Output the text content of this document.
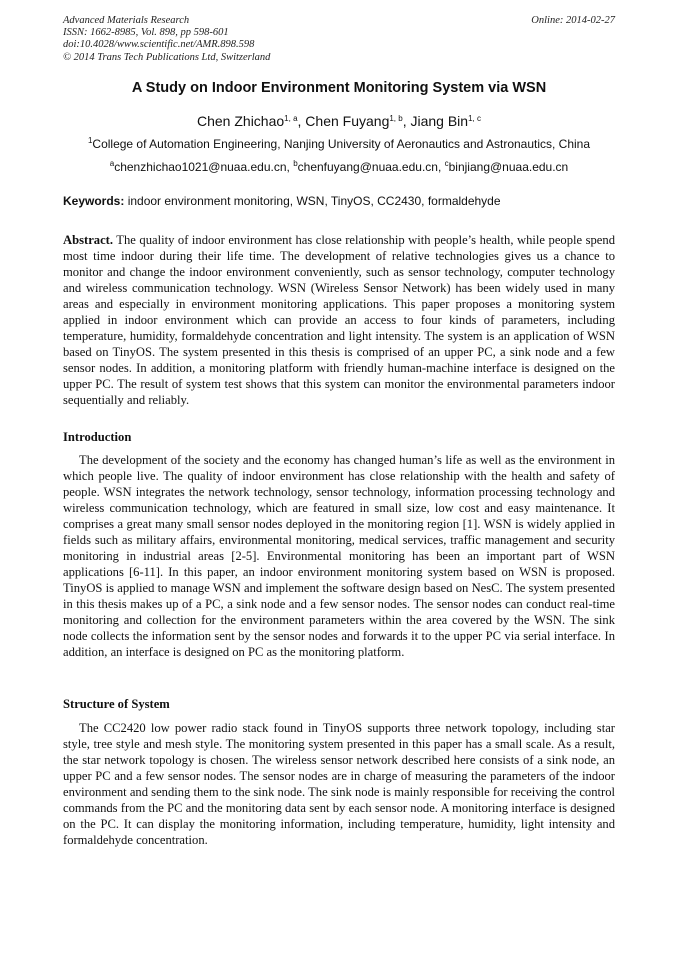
Advanced Materials Research
ISSN: 1662-8985, Vol. 898, pp 598-601
doi:10.4028/www.scientific.net/AMR.898.598
© 2014 Trans Tech Publications Ltd, Switzerland
Online: 2014-02-27
A Study on Indoor Environment Monitoring System via WSN
Chen Zhichao$^{1, a}$, Chen Fuyang$^{1, b}$, Jiang Bin$^{1, c}$
$^1$College of Automation Engineering, Nanjing University of Aeronautics and Astronautics, China
$^a$chenzhichao1021@nuaa.edu.cn, $^b$chenfuyang@nuaa.edu.cn, $^c$binjiang@nuaa.edu.cn
Keywords: indoor environment monitoring, WSN, TinyOS, CC2430, formaldehyde
Abstract. The quality of indoor environment has close relationship with people’s health, while people spend most time indoor during their life time. The development of relative technologies gives us a chance to monitor and change the indoor environment conveniently, such as sensor technology, computer technology and wireless communication technology. WSN (Wireless Sensor Network) has been widely used in many areas and especially in environment monitoring applications. This paper proposes a monitoring system applied in indoor environment which can provide an access to four kinds of parameters, including temperature, humidity, formaldehyde concentration and light intensity. The system is an application of WSN based on TinyOS. The system presented in this thesis is comprised of an upper PC, a sink node and a few sensor nodes. In addition, a monitoring platform with friendly human-machine interface is designed on the upper PC. The result of system test shows that this system can monitor the environmental parameters indoor sequentially and reliably.
Introduction
The development of the society and the economy has changed human’s life as well as the environment in which people live. The quality of indoor environment has close relationship with the health and safety of people. WSN integrates the network technology, sensor technology, information processing technology and wireless communication technology, which are featured in small size, low cost and easy maintenance. It comprises a great many small sensor nodes deployed in the monitoring region [1]. WSN is widely applied in fields such as military affairs, environmental monitoring, medical services, traffic management and security monitoring in industrial areas [2-5]. Environmental monitoring has been an important part of WSN applications [6-11]. In this paper, an indoor environment monitoring system based on WSN is proposed. TinyOS is applied to manage WSN and implement the software design based on NesC. The system presented in this thesis makes up of a PC, a sink node and a few sensor nodes. The sensor nodes can conduct real-time monitoring and collection for the environment parameters within the area covered by the WSN. The sink node collects the information sent by the sensor nodes and forwards it to the upper PC via serial interface. In addition, an interface is designed on PC as the monitoring platform.
Structure of System
The CC2420 low power radio stack found in TinyOS supports three network topology, including star style, tree style and mesh style. The monitoring system presented in this paper has a small scale. As a result, the star network topology is chosen. The wireless sensor network described here consists of a sink node, an upper PC and a few sensor nodes. The sensor nodes are in charge of measuring the parameters of the indoor environment and sending them to the sink node. The sink node is mainly responsible for receiving the control commands from the PC and the monitoring data sent by each sensor node. A monitoring interface is designed on the PC. It can display the monitoring information, including temperature, humidity, light intensity and formaldehyde concentration.
